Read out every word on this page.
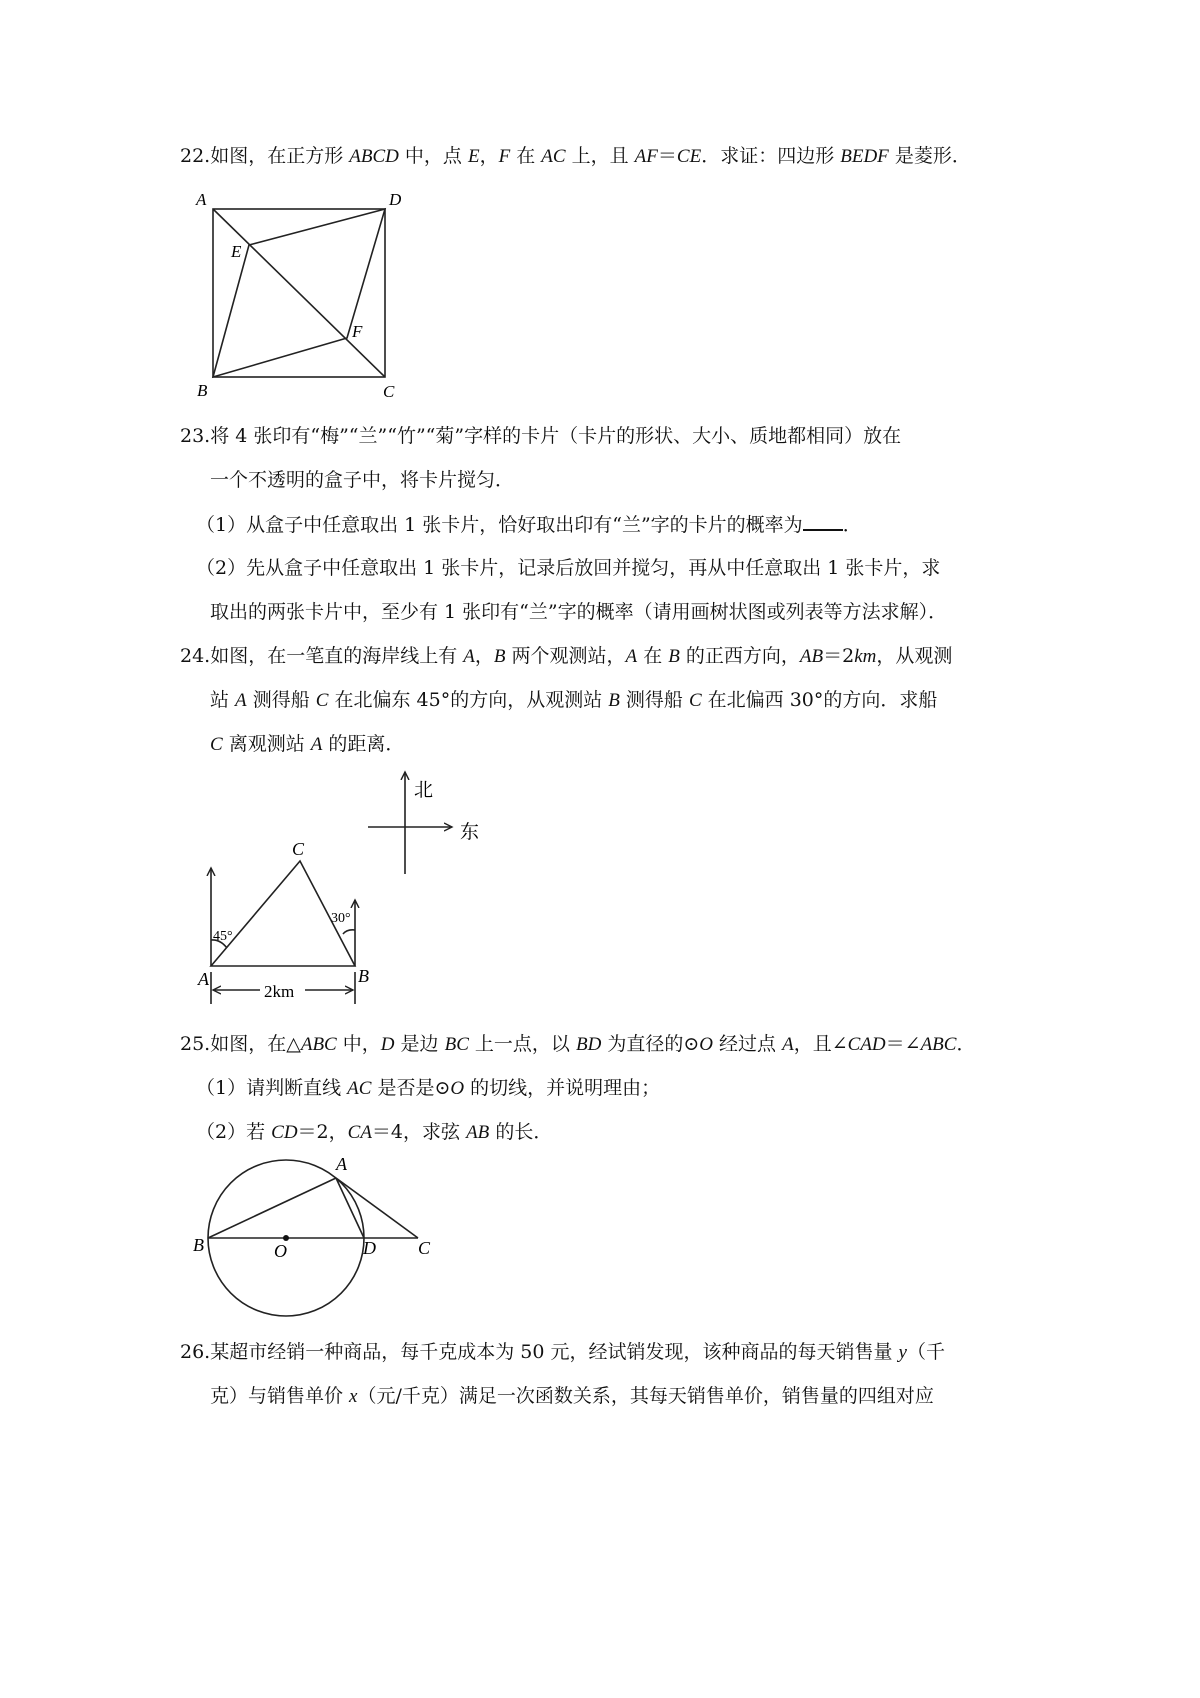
22.如图，在正方形 ABCD 中，点 E，F 在 AC 上，且 AF＝CE．求证：四边形 BEDF 是菱形．
A	D
E
F
B	C
23.将 4 张印有“梅”“兰”“竹”“菊”字样的卡片（卡片的形状、大小、质地都相同）放在
一个不透明的盒子中，将卡片搅匀．
（1）从盒子中任意取出 1 张卡片，恰好取出印有“兰”字的卡片的概率为 ．
（2）先从盒子中任意取出 1 张卡片，记录后放回并搅匀，再从中任意取出 1 张卡片，求
取出的两张卡片中，至少有 1 张印有“兰”字的概率（请用画树状图或列表等方法求解）．
24.如图，在一笔直的海岸线上有 A，B 两个观测站，A 在 B 的正西方向，AB＝2km，从观测
站 A 测得船 C 在北偏东 45°的方向，从观测站 B 测得船 C 在北偏西 30°的方向．求船
C 离观测站 A 的距离．
北
东
C
A	B
45°
30°
2km
25.如图，在△ABC 中，D 是边 BC 上一点，以 BD 为直径的⊙O 经过点 A，且∠CAD＝∠ABC．
（1）请判断直线 AC 是否是⊙O 的切线，并说明理由；
（2）若 CD＝2，CA＝4，求弦 AB 的长．
A
B	O	D C
26.某超市经销一种商品，每千克成本为 50 元，经试销发现，该种商品的每天销售量 y（千
克）与销售单价 x（元/千克）满足一次函数关系，其每天销售单价，销售量的四组对应
